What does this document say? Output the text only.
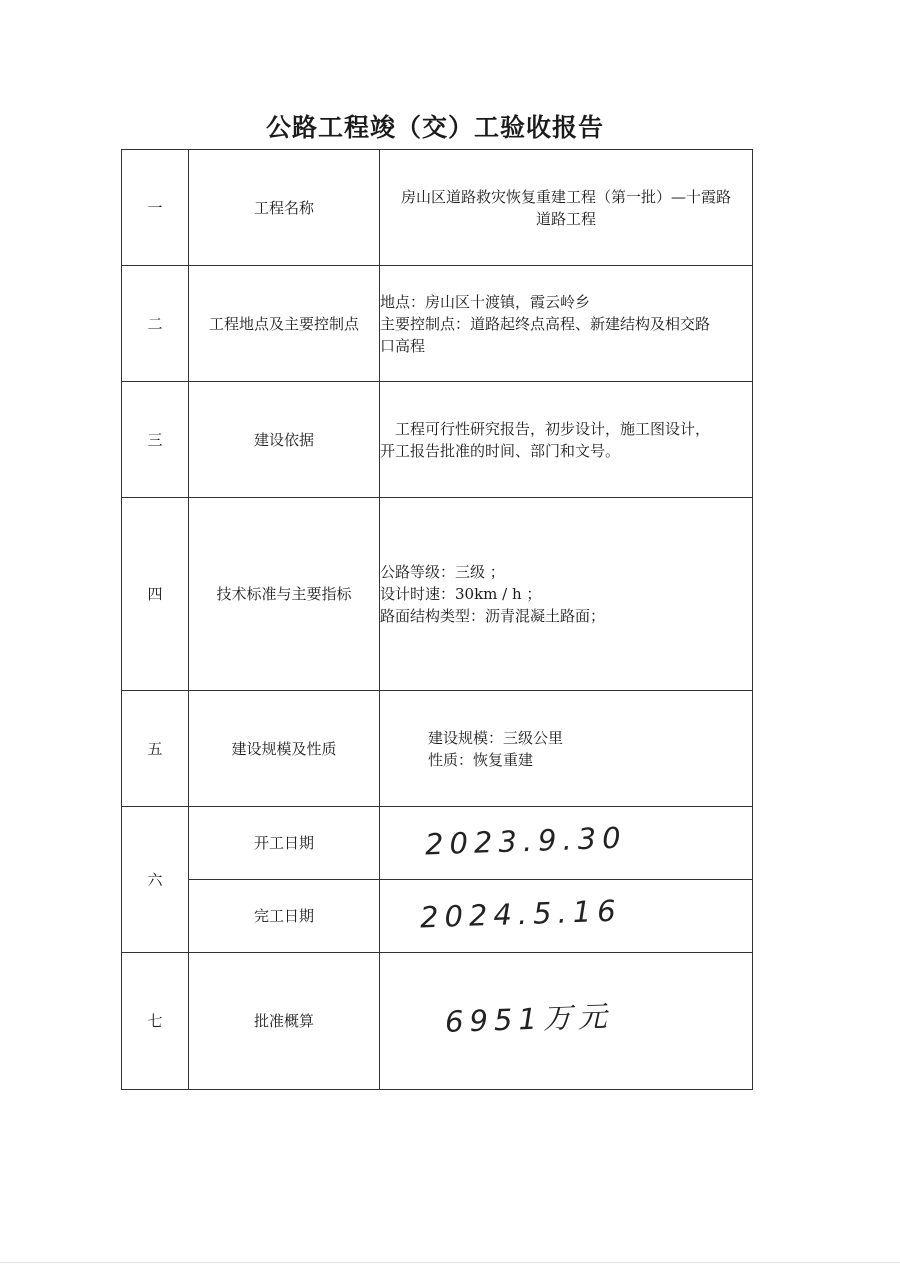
公路工程竣（交）工验收报告
一	工程名称	房山区道路救灾恢复重建工程（第一批）—十霞路
道路工程

二	工程地点及主要控制点	地点：房山区十渡镇，霞云岭乡
主要控制点：道路起终点高程、新建结构及相交路
口高程

三	建设依据	工程可行性研究报告，初步设计，施工图设计，
开工报告批准的时间、部门和文号。

四	技术标准与主要指标	公路等级：三级 ；
设计时速：30km / h ；
路面结构类型：沥青混凝土路面；

五	建设规模及性质	建设规模：三级公里
性质：恢复重建

六	开工日期	2023.9.30
	完工日期	2024.5.16
七	批准概算	6951万元
